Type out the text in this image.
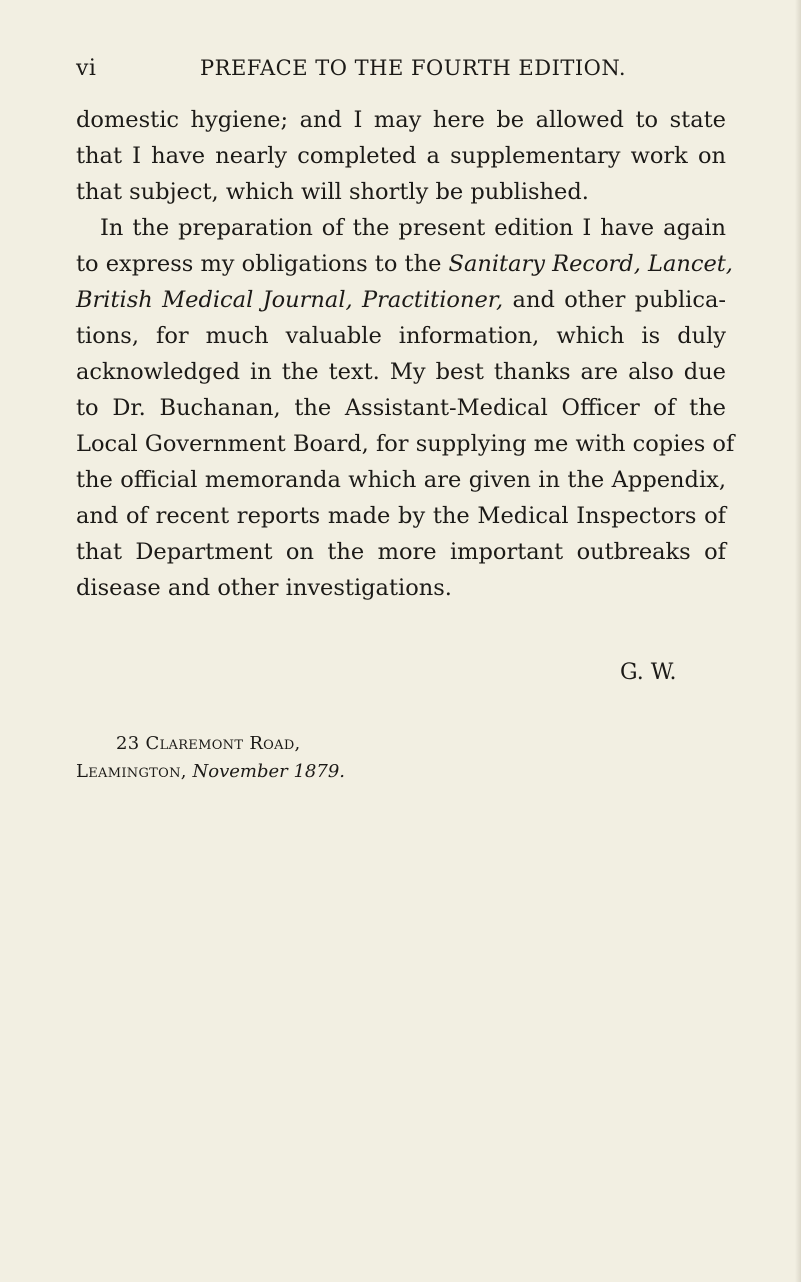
vi	PREFACE TO THE FOURTH EDITION.
domestic hygiene; and I may here be allowed to state
that I have nearly completed a supplementary work on
that subject, which will shortly be published.
In the preparation of the present edition I have again
to express my obligations to the Sanitary Record, Lancet,
British Medical Journal, Practitioner, and other publica-
tions, for much valuable information, which is duly
acknowledged in the text. My best thanks are also due
to Dr. Buchanan, the Assistant-Medical Officer of the
Local Government Board, for supplying me with copies of
the official memoranda which are given in the Appendix,
and of recent reports made by the Medical Inspectors of
that Department on the more important outbreaks of
disease and other investigations.
G. W.
23 Claremont Road,
Leamington, November 1879.
